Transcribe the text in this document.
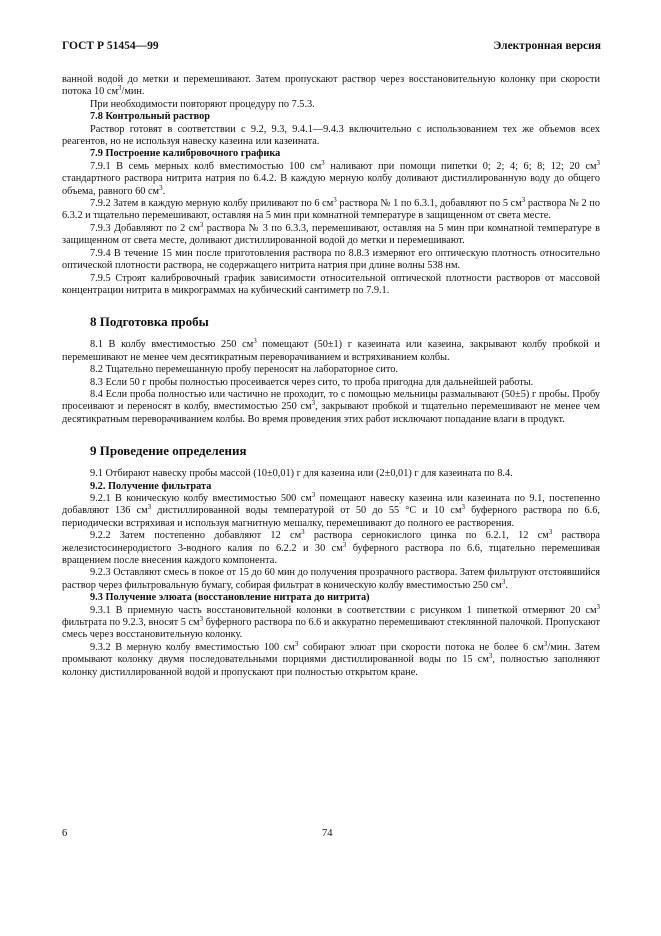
ГОСТ Р 51454—99	Электронная версия

ванной водой до метки и перемешивают. Затем пропускают раствор через восстановительную колонку при скорости потока 10 $см^3$/мин.

При необходимости повторяют процедуру по 7.5.3.

7.8 Контрольный раствор

Раствор готовят в соответствии с 9.2, 9.3, 9.4.1—9.4.3 включительно с использованием тех же объемов всех реагентов, но не используя навеску казеина или казеината.

7.9 Построение калибровочного графика

7.9.1 В семь мерных колб вместимостью 100 $см^3$ наливают при помощи пипетки 0; 2; 4; 6; 8; 12; 20 $см^3$ стандартного раствора нитрита натрия по 6.4.2. В каждую мерную колбу доливают дистиллированную воду до общего объема, равного 60 $см^3$.

7.9.2 Затем в каждую мерную колбу приливают по 6 $см^3$ раствора № 1 по 6.3.1, добавляют по 5 $см^3$ раствора № 2 по 6.3.2 и тщательно перемешивают, оставляя на 5 мин при комнатной температуре в защищенном от света месте.

7.9.3 Добавляют по 2 $см^3$ раствора № 3 по 6.3.3, перемешивают, оставляя на 5 мин при комнатной температуре в защищенном от света месте, доливают дистиллированной водой до метки и перемешивают.

7.9.4 В течение 15 мин после приготовления раствора по 8.8.3 измеряют его оптическую плотность относительно оптической плотности раствора, не содержащего нитрита натрия при длине волны 538 нм.

7.9.5 Строят калибровочный график зависимости относительной оптической плотности растворов от массовой концентрации нитрита в микрограммах на кубический сантиметр по 7.9.1.

8 Подготовка пробы

8.1 В колбу вместимостью 250 $см^3$ помещают (50±1) г казеината или казеина, закрывают колбу пробкой и перемешивают не менее чем десятикратным переворачиванием и встряхиванием колбы.

8.2 Тщательно перемешанную пробу переносят на лабораторное сито.

8.3 Если 50 г пробы полностью просеивается через сито, то проба пригодна для дальнейшей работы.

8.4 Если проба полностью или частично не проходит, то с помощью мельницы размалывают (50±5) г пробы. Пробу просеивают и переносят в колбу, вместимостью 250 $см^3$, закрывают пробкой и тщательно перемешивают не менее чем десятикратным переворачиванием колбы. Во время проведения этих работ исключают попадание влаги в продукт.

9 Проведение определения

9.1 Отбирают навеску пробы массой (10±0,01) г для казеина или (2±0,01) г для казеината по 8.4.

9.2. Получение фильтрата

9.2.1 В коническую колбу вместимостью 500 $см^3$ помещают навеску казеина или казеината по 9.1, постепенно добавляют 136 $см^3$ дистиллированной воды температурой от 50 до 55 °С и 10 $см^3$ буферного раствора по 6.6, периодически встряхивая и используя магнитную мешалку, перемешивают до полного ее растворения.

9.2.2 Затем постепенно добавляют 12 $см^3$ раствора сернокислого цинка по 6.2.1, 12 $см^3$ раствора железистосинеродистого 3-водного калия по 6.2.2 и 30 $см^3$ буферного раствора по 6.6, тщательно перемешивая вращением после внесения каждого компонента.

9.2.3 Оставляют смесь в покое от 15 до 60 мин до получения прозрачного раствора. Затем фильтруют отстоявшийся раствор через фильтровальную бумагу, собирая фильтрат в коническую колбу вместимостью 250 $см^3$.

9.3 Получение элюата (восстановление нитрата до нитрита)

9.3.1 В приемную часть восстановительной колонки в соответствии с рисунком 1 пипеткой отмеряют 20 $см^3$ фильтрата по 9.2.3, вносят 5 $см^3$ буферного раствора по 6.6 и аккуратно перемешивают стеклянной палочкой. Пропускают смесь через восстановительную колонку.

9.3.2 В мерную колбу вместимостью 100 $см^3$ собирают элюат при скорости потока не более 6 $см^3$/мин. Затем промывают колонку двумя последовательными порциями дистиллированной воды по 15 $см^3$, полностью заполняют колонку дистиллированной водой и пропускают при полностью открытом кране.

6	74
